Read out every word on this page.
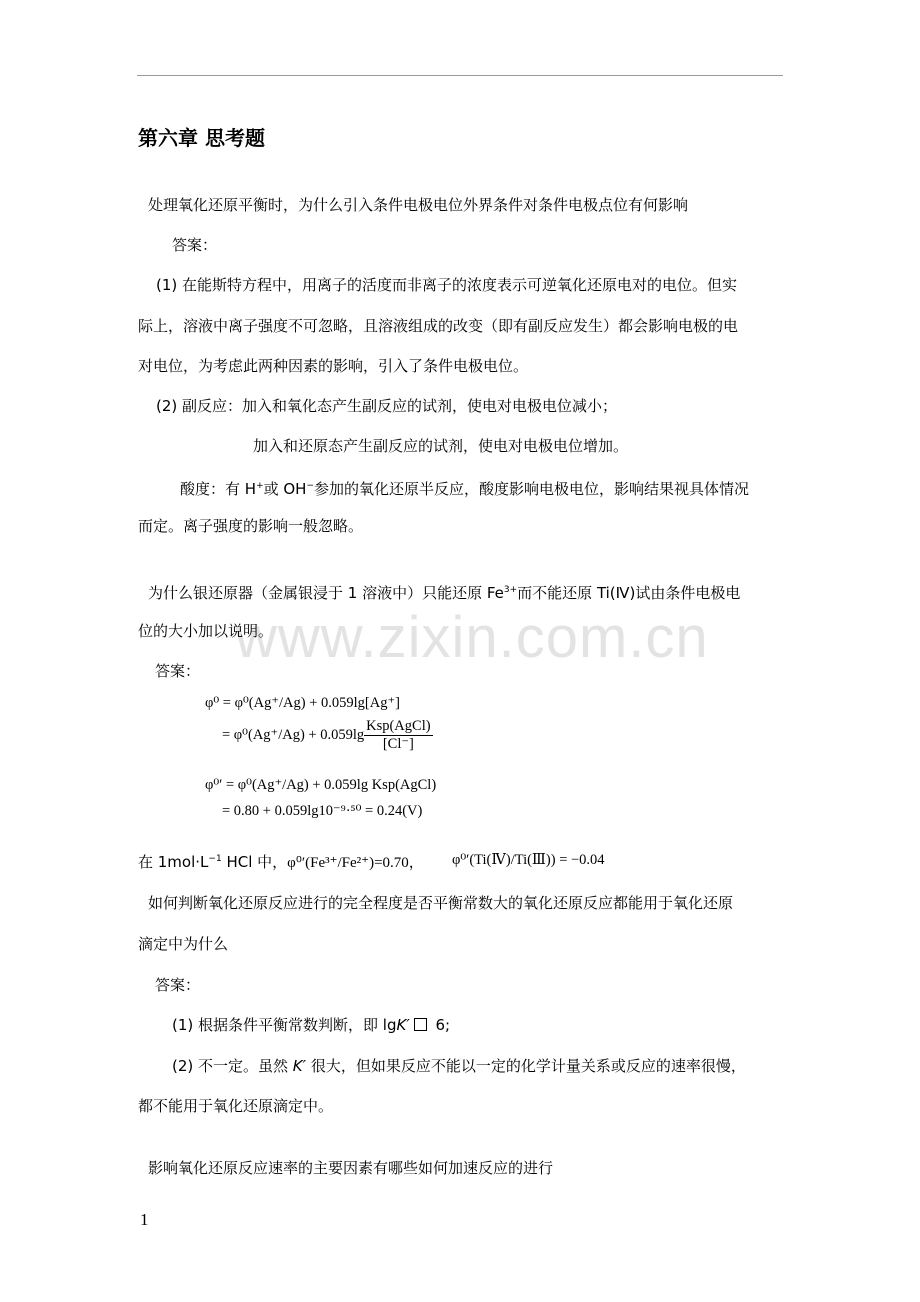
www.zixin.com.cn
第六章 思考题
处理氧化还原平衡时，为什么引入条件电极电位外界条件对条件电极点位有何影响
答案：
(1) 在能斯特方程中，用离子的活度而非离子的浓度表示可逆氧化还原电对的电位。但实
际上，溶液中离子强度不可忽略，且溶液组成的改变（即有副反应发生）都会影响电极的电
对电位，为考虑此两种因素的影响，引入了条件电极电位。
(2) 副反应：加入和氧化态产生副反应的试剂，使电对电极电位减小；
加入和还原态产生副反应的试剂，使电对电极电位增加。
酸度：有 H+或 OH−参加的氧化还原半反应，酸度影响电极电位，影响结果视具体情况
而定。离子强度的影响一般忽略。
为什么银还原器（金属银浸于 1 溶液中）只能还原 $Fe^{3+}$而不能还原 Ti(Ⅳ)试由条件电极电
位的大小加以说明。
答案：
φ⁰ = φ⁰(Ag⁺/Ag) + 0.059lg[Ag⁺]
= $\varphi^0(Ag^+/Ag) + 0.059\lg \frac{\text{Ksp(AgCl)}}{[Cl^-]}$
φ⁰′ = φ⁰(Ag⁺/Ag) + 0.059lg Ksp(AgCl)
= 0.80 + 0.059lg10⁻⁹·⁵⁰ = 0.24(V)
在 $1mol\cdot L^{-1}$ HCl 中，φ⁰′(Fe³⁺/Fe²⁺)=0.70， φ⁰′(Ti(Ⅳ)/Ti(Ⅲ)) = −0.04
如何判断氧化还原反应进行的完全程度是否平衡常数大的氧化还原反应都能用于氧化还原
滴定中为什么
答案：
(1) 根据条件平衡常数判断，即 lgK′ 6;
(2) 不一定。虽然 K′ 很大，但如果反应不能以一定的化学计量关系或反应的速率很慢，
都不能用于氧化还原滴定中。
影响氧化还原反应速率的主要因素有哪些如何加速反应的进行
1
